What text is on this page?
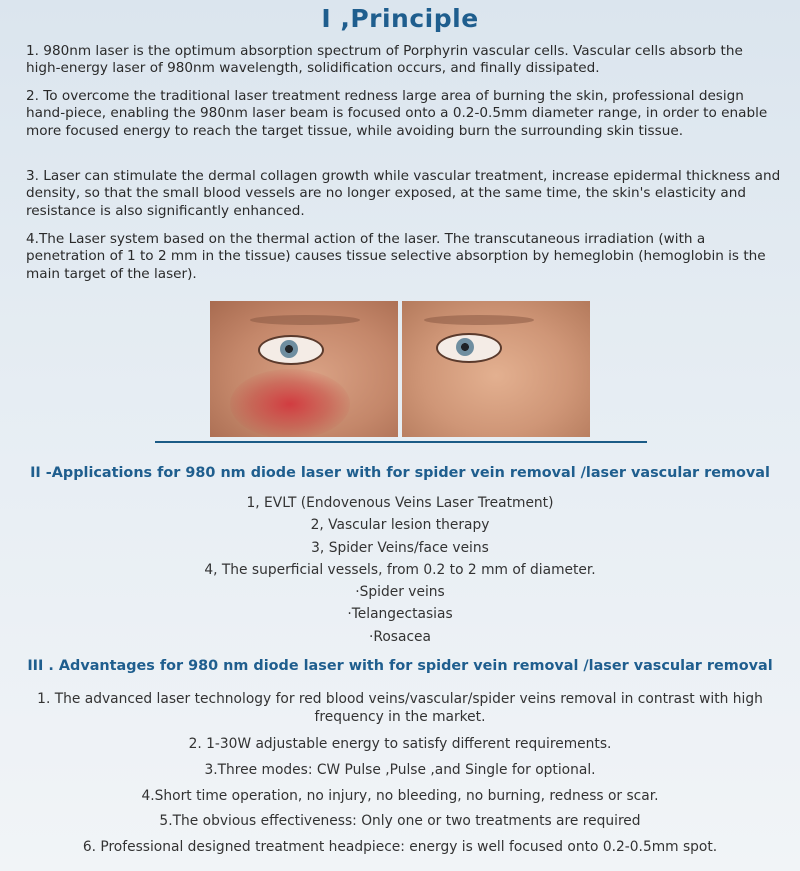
I ,Principle
1. 980nm laser is the optimum absorption spectrum of Porphyrin vascular cells. Vascular cells absorb the high-energy laser of 980nm wavelength, solidification occurs, and finally dissipated.
2. To overcome the traditional laser treatment redness large area of burning the skin, professional design hand-piece, enabling the 980nm laser beam is focused onto a 0.2-0.5mm diameter range, in order to enable more focused energy to reach the target tissue, while avoiding burn the surrounding skin tissue.
3. Laser can stimulate the dermal collagen growth while vascular treatment, increase epidermal thickness and density, so that the small blood vessels are no longer exposed, at the same time, the skin's elasticity and resistance is also significantly enhanced.
4.The Laser system based on the thermal action of the laser. The transcutaneous irradiation (with a penetration of 1 to 2 mm in the tissue) causes tissue selective absorption by hemeglobin (hemoglobin is the main target of the laser).
II -Applications for 980 nm diode laser with for spider vein removal /laser vascular removal
1, EVLT (Endovenous Veins Laser Treatment)
2, Vascular lesion therapy
3, Spider Veins/face veins
4, The superficial vessels, from 0.2 to 2 mm of diameter.
·Spider veins
·Telangectasias
·Rosacea
III . Advantages for 980 nm diode laser with for spider vein removal /laser vascular removal
1. The advanced laser technology for red blood veins/vascular/spider veins removal in contrast with high frequency in the market.
2. 1-30W adjustable energy to satisfy different requirements.
3.Three modes: CW Pulse ,Pulse ,and Single for optional.
4.Short time operation, no injury, no bleeding, no burning, redness or scar.
5.The obvious effectiveness: Only one or two treatments are required
6. Professional designed treatment headpiece: energy is well focused onto 0.2-0.5mm spot.
